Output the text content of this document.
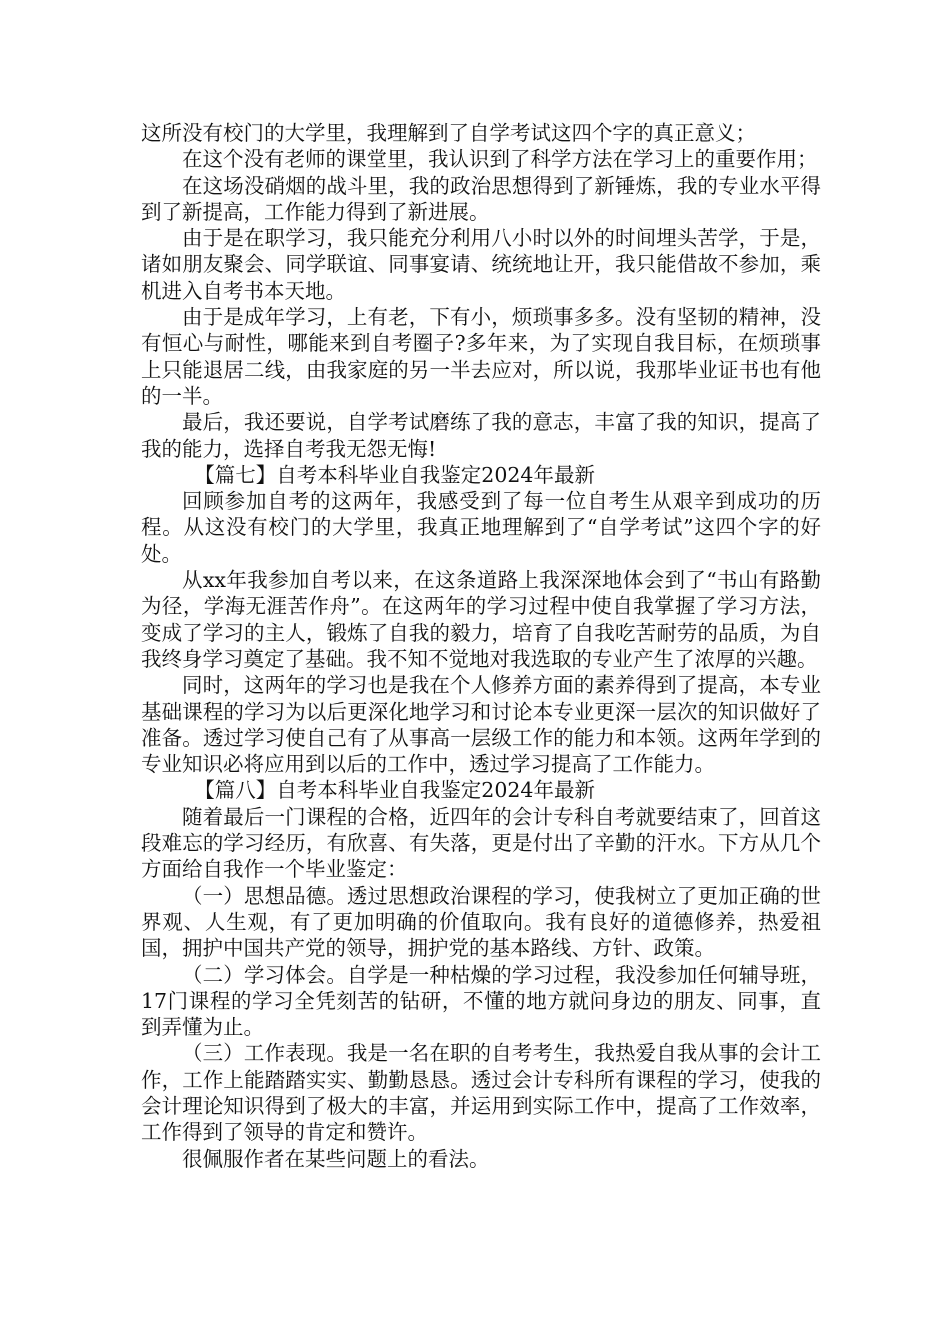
这所没有校门的大学里，我理解到了自学考试这四个字的真正意义；

在这个没有老师的课堂里，我认识到了科学方法在学习上的重要作用；

在这场没硝烟的战斗里，我的政治思想得到了新锤炼，我的专业水平得到了新提高，工作能力得到了新进展。

由于是在职学习，我只能充分利用八小时以外的时间埋头苦学，于是，诸如朋友聚会、同学联谊、同事宴请、统统地让开，我只能借故不参加，乘机进入自考书本天地。

由于是成年学习，上有老，下有小，烦琐事多多。没有坚韧的精神，没有恒心与耐性，哪能来到自考圈子?多年来，为了实现自我目标，在烦琐事上只能退居二线，由我家庭的另一半去应对，所以说，我那毕业证书也有他的一半。

最后，我还要说，自学考试磨练了我的意志，丰富了我的知识，提高了我的能力，选择自考我无怨无悔!

【篇七】自考本科毕业自我鉴定2024年最新

回顾参加自考的这两年，我感受到了每一位自考生从艰辛到成功的历程。从这没有校门的大学里，我真正地理解到了“自学考试”这四个字的好处。

从xx年我参加自考以来，在这条道路上我深深地体会到了“书山有路勤为径，学海无涯苦作舟”。在这两年的学习过程中使自我掌握了学习方法，变成了学习的主人，锻炼了自我的毅力，培育了自我吃苦耐劳的品质，为自我终身学习奠定了基础。我不知不觉地对我选取的专业产生了浓厚的兴趣。

同时，这两年的学习也是我在个人修养方面的素养得到了提高，本专业基础课程的学习为以后更深化地学习和讨论本专业更深一层次的知识做好了准备。透过学习使自己有了从事高一层级工作的能力和本领。这两年学到的专业知识必将应用到以后的工作中，透过学习提高了工作能力。

【篇八】自考本科毕业自我鉴定2024年最新

随着最后一门课程的合格，近四年的会计专科自考就要结束了，回首这段难忘的学习经历，有欣喜、有失落，更是付出了辛勤的汗水。下方从几个方面给自我作一个毕业鉴定：

（一）思想品德。透过思想政治课程的学习，使我树立了更加正确的世界观、人生观，有了更加明确的价值取向。我有良好的道德修养，热爱祖国，拥护中国共产党的领导，拥护党的基本路线、方针、政策。

（二）学习体会。自学是一种枯燥的学习过程，我没参加任何辅导班，17门课程的学习全凭刻苦的钻研，不懂的地方就问身边的朋友、同事，直到弄懂为止。

（三）工作表现。我是一名在职的自考考生，我热爱自我从事的会计工作，工作上能踏踏实实、勤勤恳恳。透过会计专科所有课程的学习，使我的会计理论知识得到了极大的丰富，并运用到实际工作中，提高了工作效率，工作得到了领导的肯定和赞许。

很佩服作者在某些问题上的看法。
